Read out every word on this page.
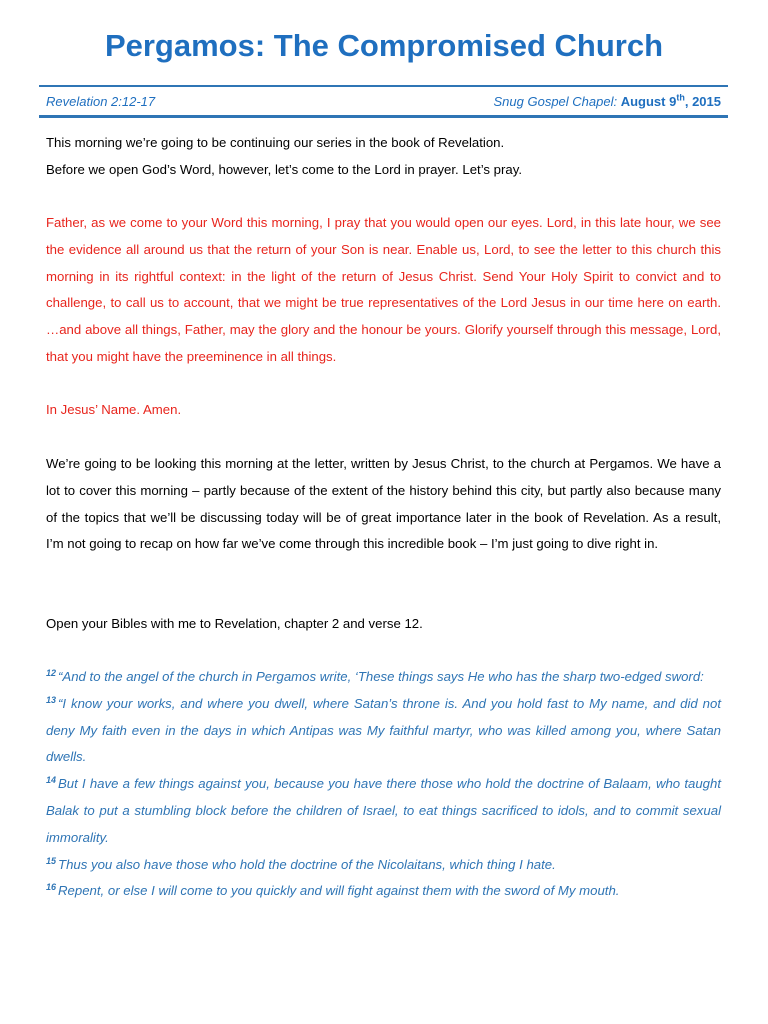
Pergamos: The Compromised Church
Revelation 2:12-17	Snug Gospel Chapel: August 9th, 2015
This morning we’re going to be continuing our series in the book of Revelation.
Before we open God’s Word, however, let’s come to the Lord in prayer. Let’s pray.

Father, as we come to your Word this morning, I pray that you would open our eyes. Lord, in this late hour, we see the evidence all around us that the return of your Son is near. Enable us, Lord, to see the letter to this church this morning in its rightful context: in the light of the return of Jesus Christ. Send Your Holy Spirit to convict and to challenge, to call us to account, that we might be true representatives of the Lord Jesus in our time here on earth. …and above all things, Father, may the glory and the honour be yours. Glorify yourself through this message, Lord, that you might have the preeminence in all things.

In Jesus’ Name. Amen.

We’re going to be looking this morning at the letter, written by Jesus Christ, to the church at Pergamos. We have a lot to cover this morning – partly because of the extent of the history behind this city, but partly also because many of the topics that we’ll be discussing today will be of great importance later in the book of Revelation. As a result, I’m not going to recap on how far we’ve come through this incredible book – I’m just going to dive right in.

Open your Bibles with me to Revelation, chapter 2 and verse 12.

$^{12}$ “And to the angel of the church in Pergamos write, ‘These things says He who has the sharp two-edged sword:

$^{13}$ “I know your works, and where you dwell, where Satan’s throne is. And you hold fast to My name, and did not deny My faith even in the days in which Antipas was My faithful martyr, who was killed among you, where Satan dwells.

$^{14}$ But I have a few things against you, because you have there those who hold the doctrine of Balaam, who taught Balak to put a stumbling block before the children of Israel, to eat things sacrificed to idols, and to commit sexual immorality.

$^{15}$ Thus you also have those who hold the doctrine of the Nicolaitans, which thing I hate.

$^{16}$ Repent, or else I will come to you quickly and will fight against them with the sword of My mouth.
